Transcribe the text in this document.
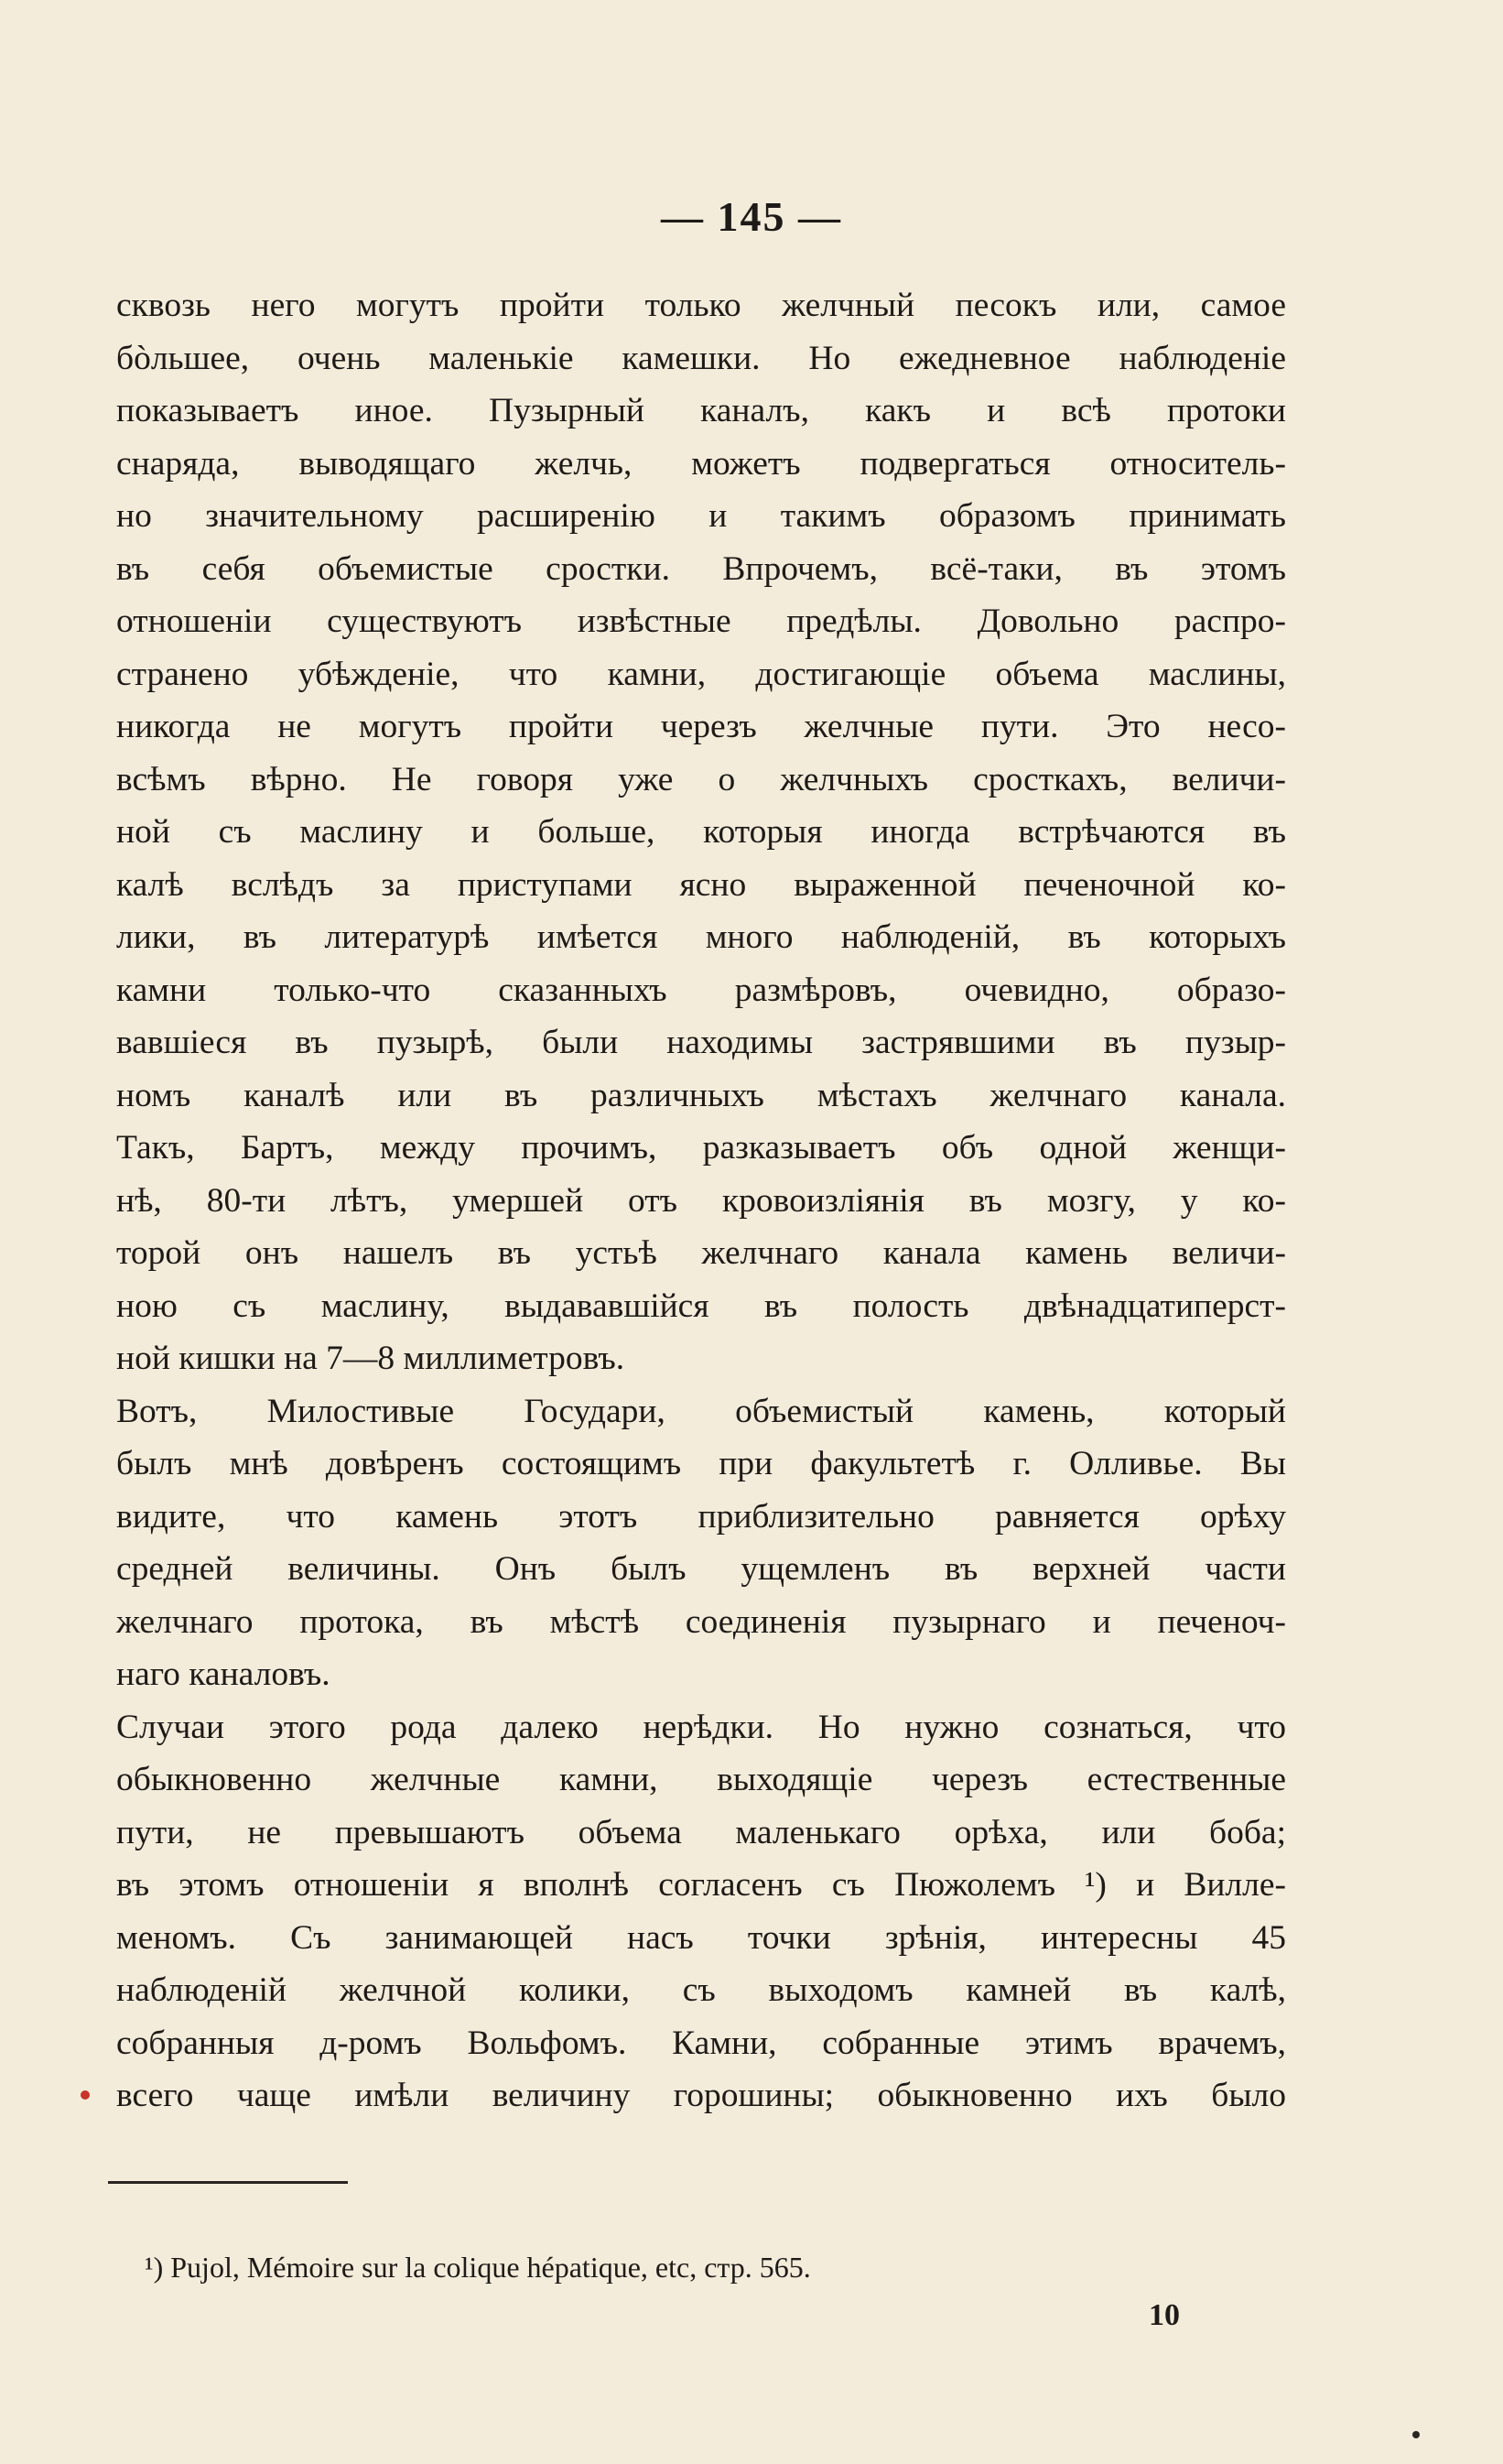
— 145 —
сквозь него могутъ пройти только желчный песокъ или, самое
бòльшее, очень маленькіе камешки. Но ежедневное наблюденіе
показываетъ иное. Пузырный каналъ, какъ и всѣ протоки
снаряда, выводящаго желчь, можетъ подвергаться относитель-
но значительному расширенію и такимъ образомъ принимать
въ себя объемистые сростки. Впрочемъ, всё-таки, въ этомъ
отношеніи существуютъ извѣстные предѣлы. Довольно распро-
странено убѣжденіе, что камни, достигающіе объема маслины,
никогда не могутъ пройти черезъ желчные пути. Это несо-
всѣмъ вѣрно. Не говоря уже о желчныхъ сросткахъ, величи-
ной съ маслину и больше, которыя иногда встрѣчаются въ
калѣ вслѣдъ за приступами ясно выраженной печеночной ко-
лики, въ литературѣ имѣется много наблюденій, въ которыхъ
камни только-что сказанныхъ размѣровъ, очевидно, образо-
вавшіеся въ пузырѣ, были находимы застрявшими въ пузыр-
номъ каналѣ или въ различныхъ мѣстахъ желчнаго канала.
Такъ, Бартъ, между прочимъ, разказываетъ объ одной женщи-
нѣ, 80-ти лѣтъ, умершей отъ кровоизліянія въ мозгу, у ко-
торой онъ нашелъ въ устьѣ желчнаго канала камень величи-
ною съ маслину, выдававшійся въ полость двѣнадцатиперст-
ной кишки на 7—8 миллиметровъ.
Вотъ, Милостивые Государи, объемистый камень, который
былъ мнѣ довѣренъ состоящимъ при факультетѣ г. Олливье. Вы
видите, что камень этотъ приблизительно равняется орѣху
средней величины. Онъ былъ ущемленъ въ верхней части
желчнаго протока, въ мѣстѣ соединенія пузырнаго и печеноч-
наго каналовъ.
Случаи этого рода далеко нерѣдки. Но нужно сознаться, что
обыкновенно желчные камни, выходящіе черезъ естественные
пути, не превышаютъ объема маленькаго орѣха, или боба;
въ этомъ отношеніи я вполнѣ согласенъ съ Пюжолемъ ¹) и Вилле-
меномъ. Съ занимающей насъ точки зрѣнія, интересны 45
наблюденій желчной колики, съ выходомъ камней въ калѣ,
собранныя д-ромъ Вольфомъ. Камни, собранные этимъ врачемъ,
всего чаще имѣли величину горошины; обыкновенно ихъ было
¹) Pujol, Mémoire sur la colique hépatique, etc, стр. 565.
10
